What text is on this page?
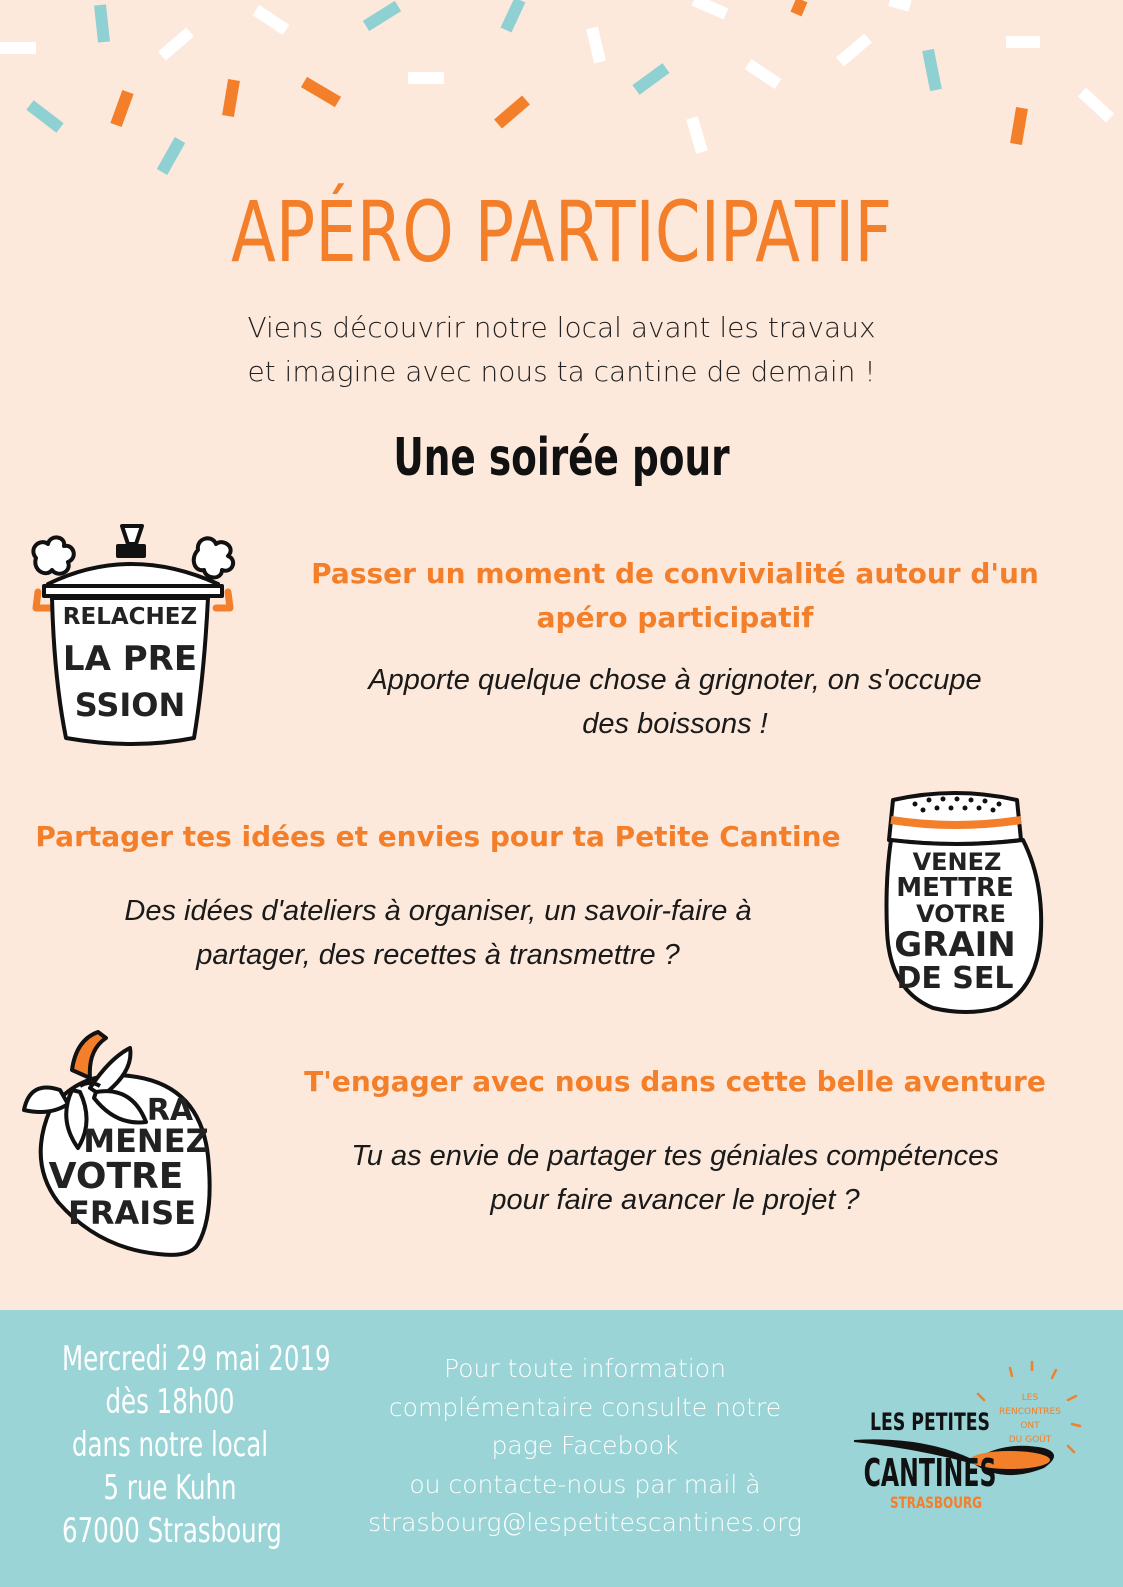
APÉRO PARTICIPATIF

Viens découvrir notre local avant les travaux
et imagine avec nous ta cantine de demain !

Une soirée pour
RELACHEZ
LA PRE
SSION

Passer un moment de convivialité autour d'un
apéro participatif

Apporte quelque chose à grignoter, on s'occupe
des boissons !

Partager tes idées et envies pour ta Petite Cantine

Des idées d'ateliers à organiser, un savoir-faire à
partager, des recettes à transmettre ?

VENEZ
METTRE
VOTRE
GRAIN
DE SEL
RA
MENEZ
VOTRE
FRAISE

T'engager avec nous dans cette belle aventure

Tu as envie de partager tes géniales compétences
pour faire avancer le projet ?

Mercredi 29 mai 2019
dès 18h00
dans notre local
5 rue Kuhn
67000 Strasbourg
Pour toute information
complémentaire consulte notre
page Facebook
ou contacte-nous par mail à
strasbourg@lespetitescantines.org
LES
RENCONTRES
ONT
DU GOÛT
LES PETITES
CANTINES
STRASBOURG
